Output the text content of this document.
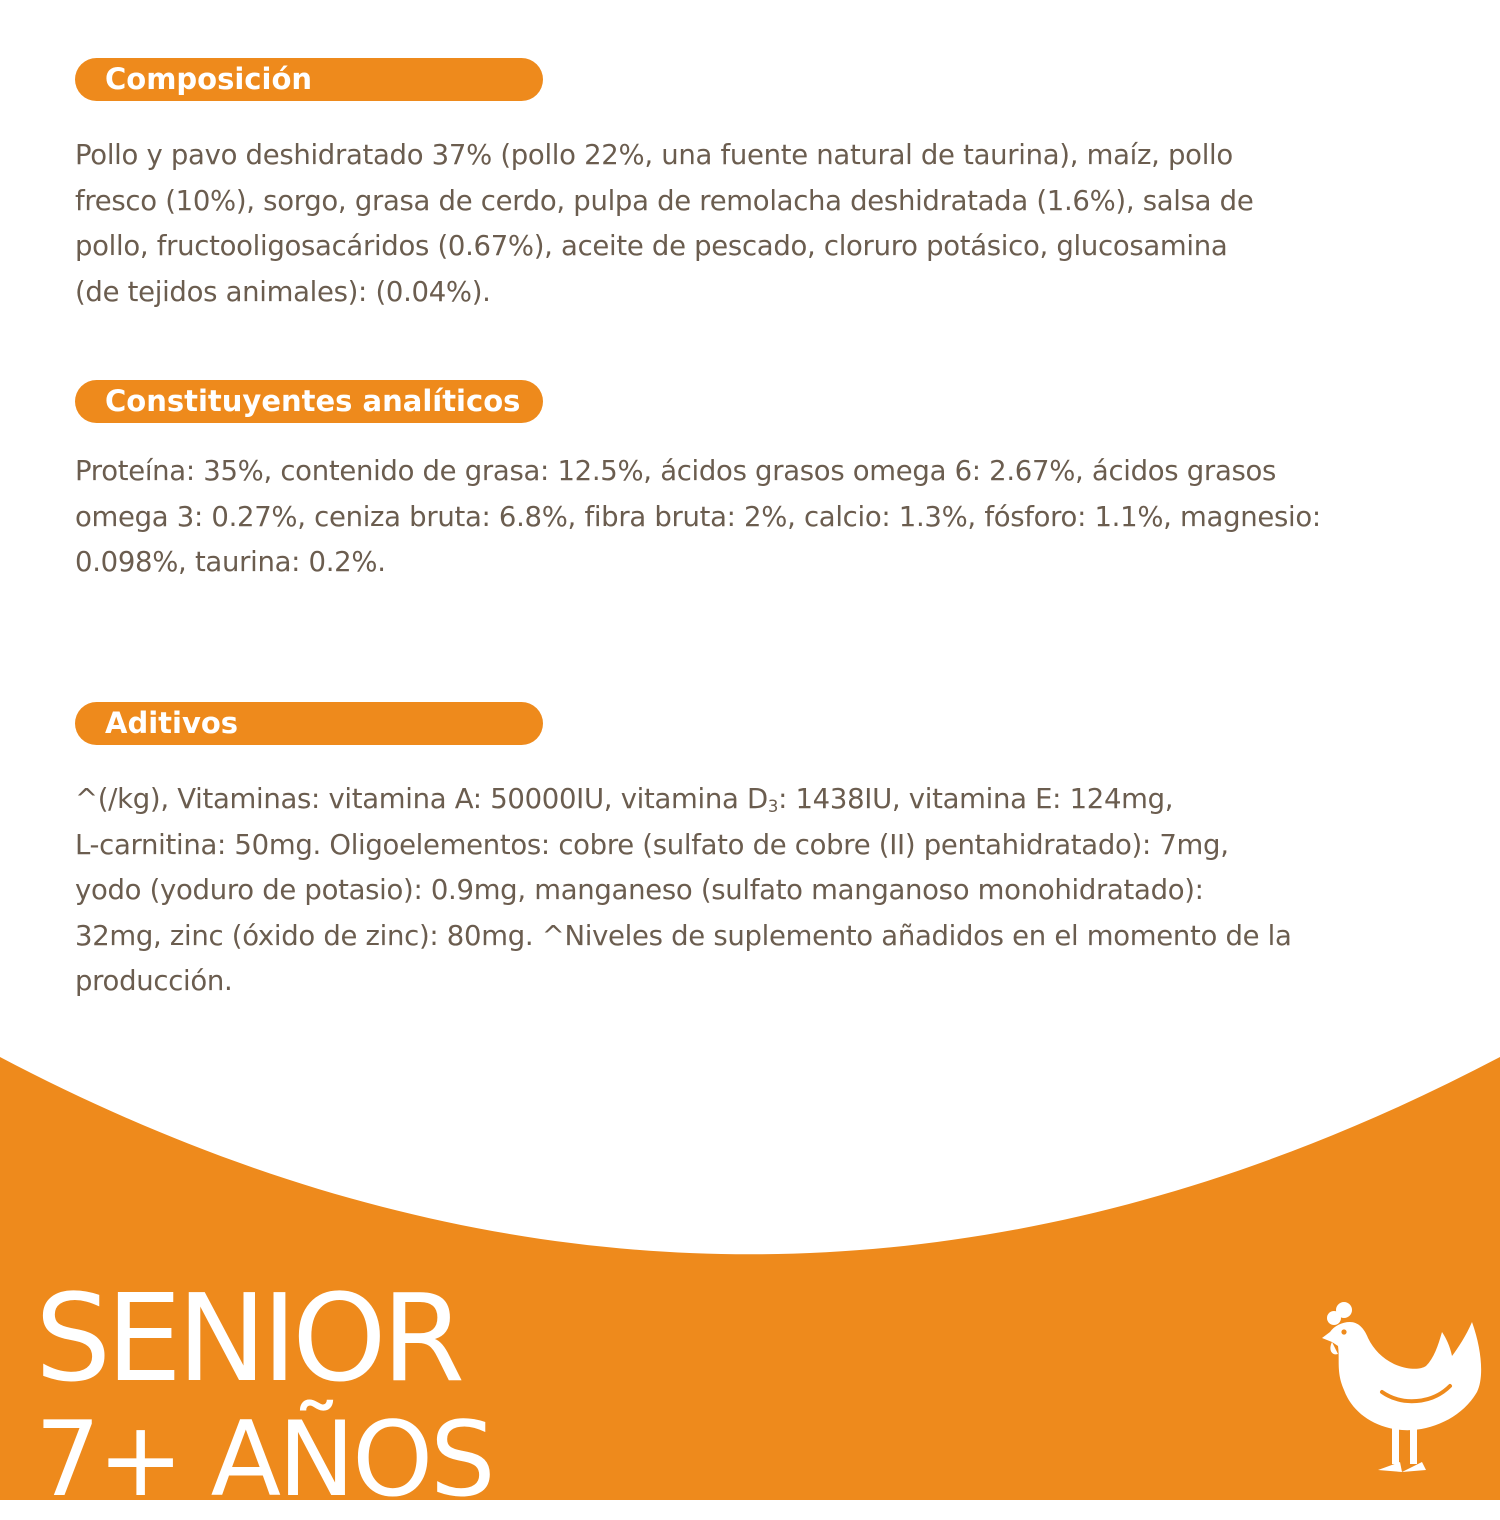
Composición
Pollo y pavo deshidratado 37% (pollo 22%, una fuente natural de taurina), maíz, pollo
fresco (10%), sorgo, grasa de cerdo, pulpa de remolacha deshidratada (1.6%), salsa de
pollo, fructooligosacáridos (0.67%), aceite de pescado, cloruro potásico, glucosamina
(de tejidos animales): (0.04%).
Constituyentes analíticos
Proteína: 35%, contenido de grasa: 12.5%, ácidos grasos omega 6: 2.67%, ácidos grasos
omega 3: 0.27%, ceniza bruta: 6.8%, fibra bruta: 2%, calcio: 1.3%, fósforo: 1.1%, magnesio:
0.098%, taurina: 0.2%.
Aditivos
^(/kg), Vitaminas: vitamina A: 50000IU, vitamina $D_3$: 1438IU, vitamina E: 124mg,
L-carnitina: 50mg. Oligoelementos: cobre (sulfato de cobre (II) pentahidratado): 7mg,
yodo (yoduro de potasio): 0.9mg, manganeso (sulfato manganoso monohidratado):
32mg, zinc (óxido de zinc): 80mg. ^Niveles de suplemento añadidos en el momento de la
producción.
SENIOR
7+ AÑOS
